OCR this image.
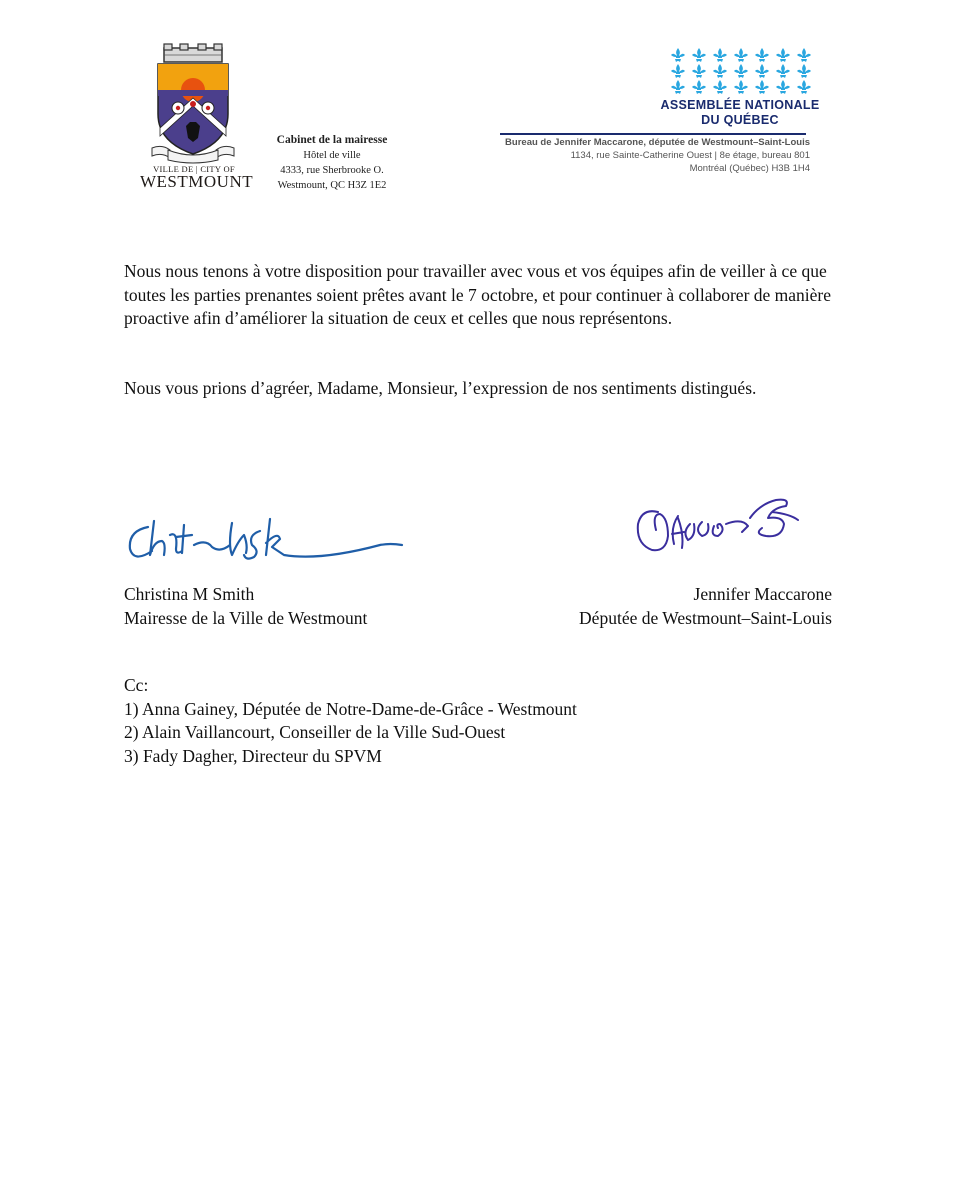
VILLE DE | CITY OF
WESTMOUNT
Cabinet de la mairesse
Hôtel de ville
4333, rue Sherbrooke O.
Westmount, QC H3Z 1E2
ASSEMBLÉE NATIONALE
DU QUÉBEC
Bureau de Jennifer Maccarone, députée de Westmount–Saint-Louis
1134, rue Sainte-Catherine Ouest | 8e étage, bureau 801
Montréal (Québec) H3B 1H4
Nous nous tenons à votre disposition pour travailler avec vous et vos équipes afin de veiller à ce que toutes les parties prenantes soient prêtes avant le 7 octobre, et pour continuer à collaborer de manière proactive afin d’améliorer la situation de ceux et celles que nous représentons.
Nous vous prions d’agréer, Madame, Monsieur, l’expression de nos sentiments distingués.
Christina M Smith
Mairesse de la Ville de Westmount
Jennifer Maccarone
Députée de Westmount–Saint-Louis
Cc:
1) Anna Gainey, Députée de Notre-Dame-de-Grâce - Westmount
2) Alain Vaillancourt, Conseiller de la Ville Sud-Ouest
3) Fady Dagher, Directeur du SPVM
